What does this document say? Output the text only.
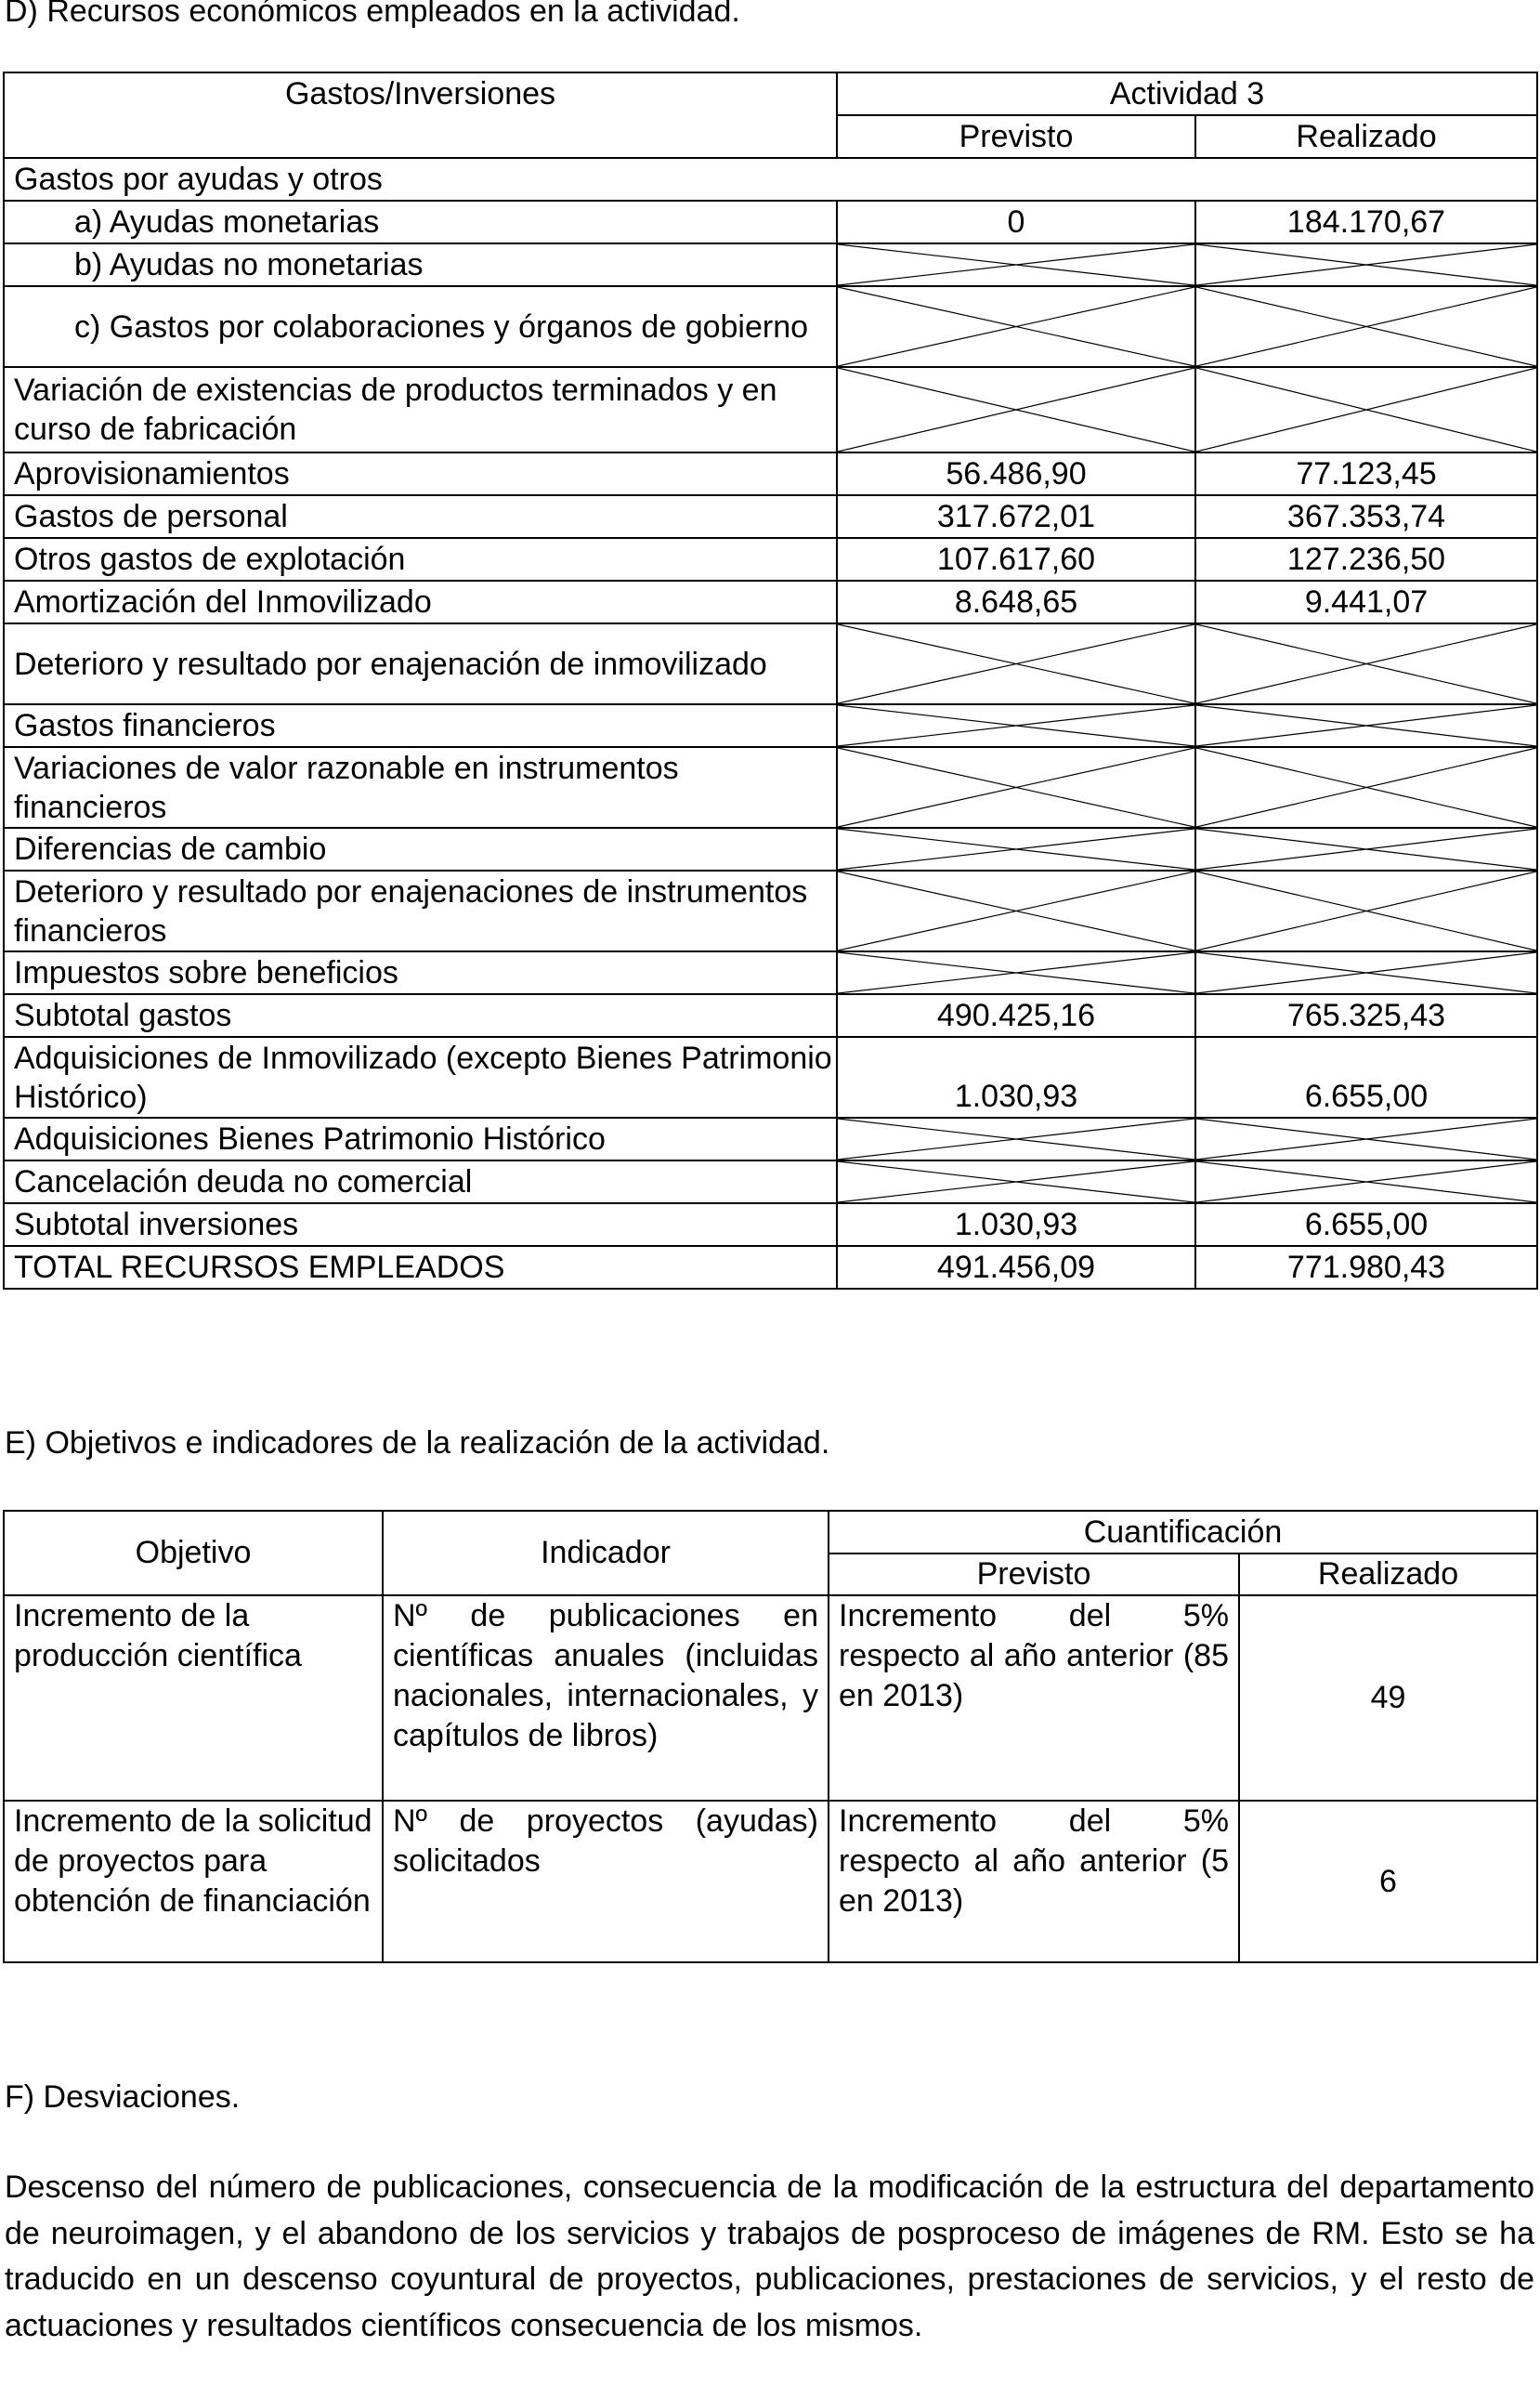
D) Recursos económicos empleados en la actividad.
Gastos/Inversiones	Actividad 3	
	Previsto	Realizado
Gastos por ayudas y otros		
a) Ayudas monetarias	0	184.170,67
b) Ayudas no monetarias	

c) Gastos por colaboraciones y órganos de gobierno	

Variación de existencias de productos terminados y en curso de fabricación	

Aprovisionamientos	56.486,90	77.123,45
Gastos de personal	317.672,01	367.353,74
Otros gastos de explotación	107.617,60	127.236,50
Amortización del Inmovilizado	8.648,65	9.441,07
Deterioro y resultado por enajenación de inmovilizado	

Gastos financieros	

Variaciones de valor razonable en instrumentos financieros	

Diferencias de cambio	

Deterioro y resultado por enajenaciones de instrumentos financieros	

Impuestos sobre beneficios	

Subtotal gastos	490.425,16	765.325,43
Adquisiciones de Inmovilizado (excepto Bienes Patrimonio Histórico)	1.030,93	6.655,00
Adquisiciones Bienes Patrimonio Histórico	

Cancelación deuda no comercial	

Subtotal inversiones	1.030,93	6.655,00
TOTAL RECURSOS EMPLEADOS	491.456,09	771.980,43
E) Objetivos e indicadores de la realización de la actividad.
Objetivo	Indicador	Cuantificación	
		Previsto	Realizado
Incremento de la producción científica	Nº de publicaciones en científicas anuales (incluidas nacionales, internacionales, y capítulos de libros)	Incremento del 5% respecto al año anterior (85 en 2013)	49
Incremento de la solicitud de proyectos para obtención de financiación	Nº de proyectos (ayudas) solicitados	Incremento del 5% respecto al año anterior (5 en 2013)	6
F) Desviaciones.
Descenso del número de publicaciones, consecuencia de la modificación de la estructura del departamento de neuroimagen, y el abandono de los servicios y trabajos de posproceso de imágenes de RM. Esto se ha traducido en un descenso coyuntural de proyectos, publicaciones, prestaciones de servicios, y el resto de actuaciones y resultados científicos consecuencia de los mismos.
